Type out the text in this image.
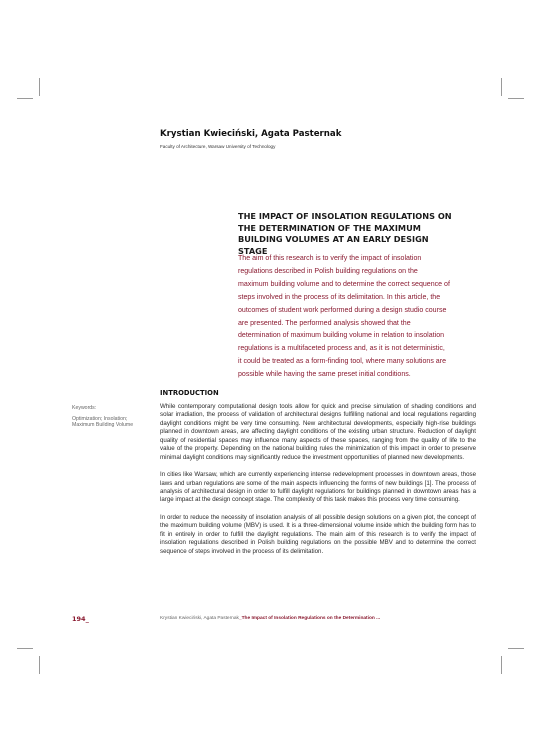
Krystian Kwieciński, Agata Pasternak
Faculty of Architecture, Warsaw University of Technology
THE IMPACT OF INSOLATION REGULATIONS ON THE DETERMINATION OF THE MAXIMUM BUILDING VOLUMES AT AN EARLY DESIGN STAGE

The aim of this research is to verify the impact of insolation regulations described in Polish building regulations on the maximum building volume and to determine the correct sequence of steps involved in the process of its delimitation. In this article, the outcomes of student work performed during a design studio course are presented. The performed analysis showed that the determination of maximum building volume in relation to insolation regulations is a multifaceted process and, as it is not deterministic, it could be treated as a form-finding tool, where many solutions are possible while having the same preset initial conditions.

INTRODUCTION
Keywords:
Optimization; Insolation; Maximum Building Volume

While contemporary computational design tools allow for quick and precise simulation of shading conditions and solar irradiation, the process of validation of architectural designs fulfilling national and local regulations regarding daylight conditions might be very time consuming. New architectural developments, especially high-rise buildings planned in downtown areas, are affecting daylight conditions of the existing urban structure. Reduction of daylight quality of residential spaces may influence many aspects of these spaces, ranging from the quality of life to the value of the property. Depending on the national building rules the minimization of this impact in order to preserve minimal daylight conditions may significantly reduce the investment opportunities of planned new developments.

In cities like Warsaw, which are currently experiencing intense redevelopment processes in downtown areas, those laws and urban regulations are some of the main aspects influencing the forms of new buildings [1]. The process of analysis of architectural design in order to fulfill daylight regulations for buildings planned in downtown areas has a large impact at the design concept stage. The complexity of this task makes this process very time consuming.

In order to reduce the necessity of insolation analysis of all possible design solutions on a given plot, the concept of the maximum building volume (MBV) is used. It is a three-dimensional volume inside which the building form has to fit in entirely in order to fulfill the daylight regulations. The main aim of this research is to verify the impact of insolation regulations described in Polish building regulations on the possible MBV and to determine the correct sequence of steps involved in the process of its delimitation.

194_	Krystian Kwieciński, Agata Pasternak_The Impact of Insolation Regulations on the Determination ...
